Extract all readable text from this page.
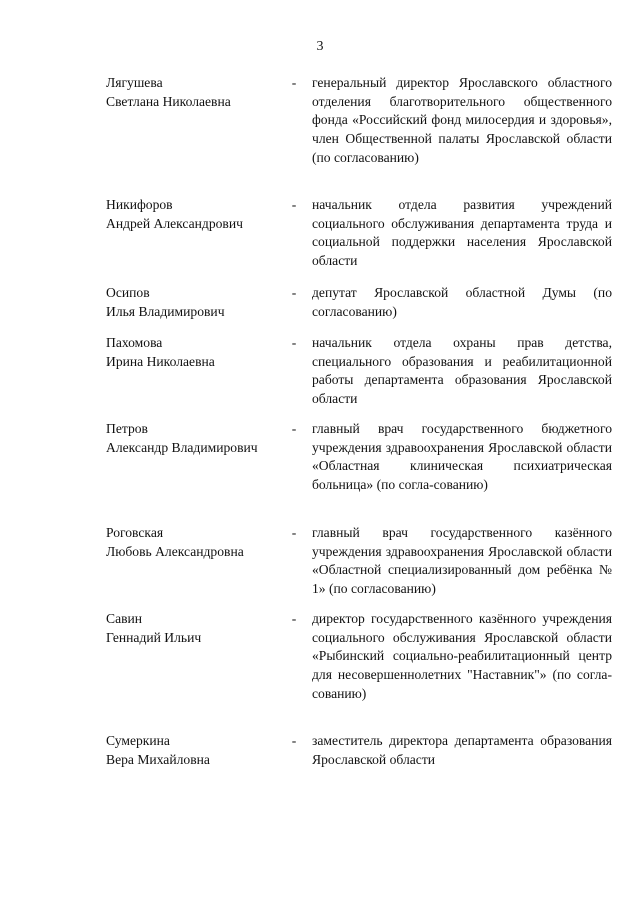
3
Лягушева
Светлана Николаевна
- генеральный директор Ярославского областного отделения благотворительного общественного фонда «Российский фонд милосердия и здоровья», член Общественной палаты Ярославской области (по согласованию)
Никифоров
Андрей Александрович
- начальник отдела развития учреждений социального обслуживания департамента труда и социальной поддержки населения Ярославской области
Осипов
Илья Владимирович
- депутат Ярославской областной Думы (по согласованию)
Пахомова
Ирина Николаевна
- начальник отдела охраны прав детства, специального образования и реабилитационной работы департамента образования Ярославской области
Петров
Александр Владимирович
- главный врач государственного бюджетного учреждения здравоохранения Ярославской области «Областная клиническая психиатрическая больница» (по согла-сованию)
Роговская
Любовь Александровна
- главный врач государственного казённого учреждения здравоохранения Ярославской области «Областной специализированный дом ребёнка № 1» (по согласованию)
Савин
Геннадий Ильич
- директор государственного казённого учреждения социального обслуживания Ярославской области «Рыбинский социально-реабилитационный центр для несовершеннолетних "Наставник"» (по согла-сованию)
Сумеркина
Вера Михайловна
- заместитель директора департамента образования Ярославской области
